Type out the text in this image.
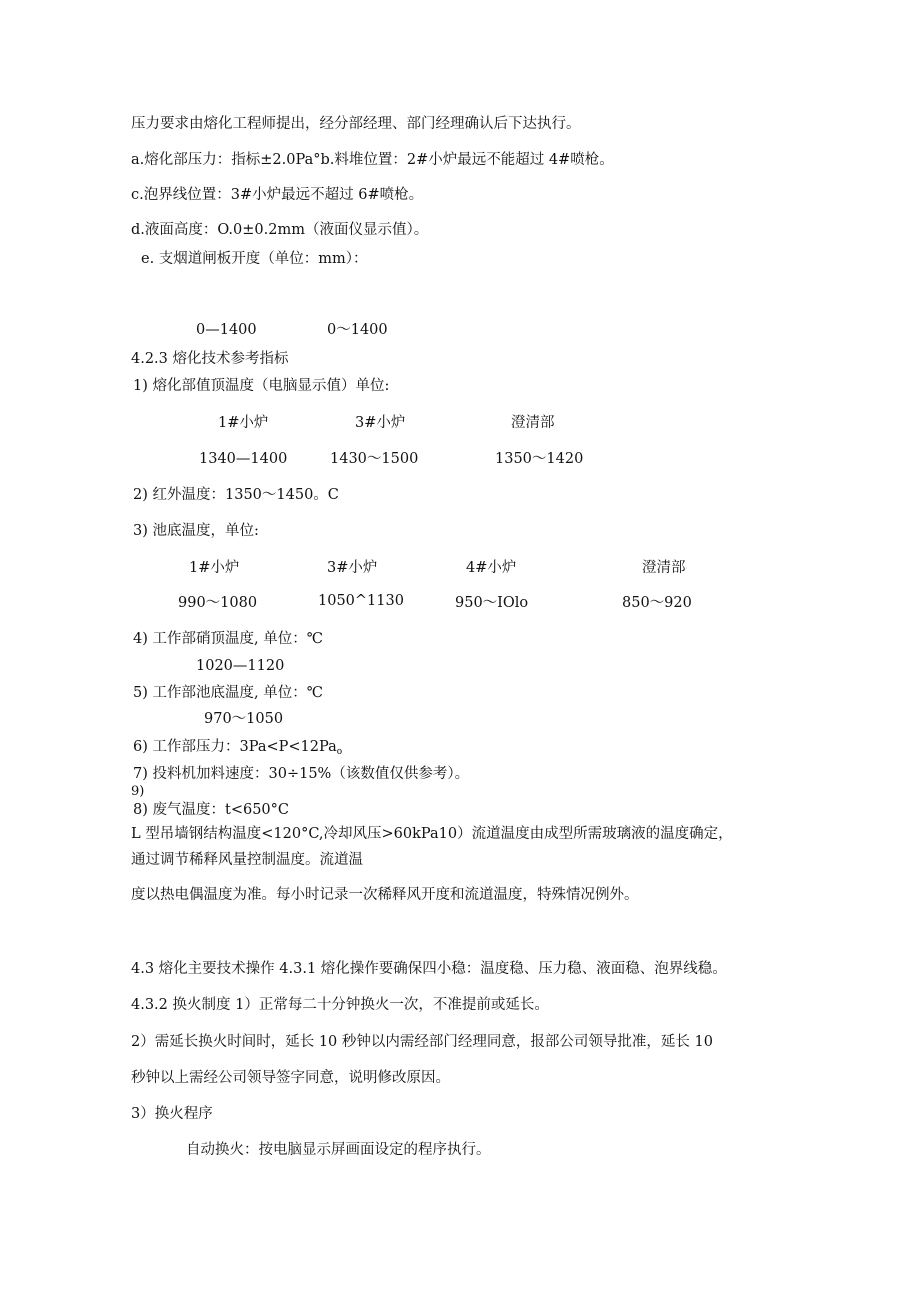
压力要求由熔化工程师提出，经分部经理、部门经理确认后下达执行。
a.熔化部压力：指标±2.0Pa°b.料堆位置：2#小炉最远不能超过 4#喷枪。
c.泡界线位置：3#小炉最远不超过 6#喷枪。
d.液面高度：O.0±0.2mm（液面仪显示值）。
e. 支烟道闸板开度（单位：mm）：
0—1400	0～1400
4.2.3 熔化技术参考指标
1) 熔化部值顶温度（电脑显示值）单位:
1#小炉	3#小炉	澄清部
1340—1400	1430～1500	1350～1420
2) 红外温度：1350～1450。C
3) 池底温度，单位:
1#小炉	3#小炉	4#小炉	澄清部
990～1080	1050^1130	950～IOlo	850～920
4) 工作部硝顶温度, 单位：℃
1020—1120
5) 工作部池底温度, 单位：℃
970～1050
6) 工作部压力：$3Pa<P<12Pa_o$
7) 投料机加料速度：30÷15%（该数值仅供参考）。
9)
8) 废气温度：t<650°C
L 型吊墙钢结构温度<120°C,冷却风压>60kPa10）流道温度由成型所需玻璃液的温度确定，
通过调节稀释风量控制温度。流道温
度以热电偶温度为准。每小时记录一次稀释风开度和流道温度，特殊情况例外。
4.3 熔化主要技术操作 4.3.1 熔化操作要确保四小稳：温度稳、压力稳、液面稳、泡界线稳。
4.3.2 换火制度 1）正常每二十分钟换火一次，不准提前或延长。
2）需延长换火时间时，延长 10 秒钟以内需经部门经理同意，报部公司领导批准，延长 10
秒钟以上需经公司领导签字同意，说明修改原因。
3）换火程序
自动换火：按电脑显示屏画面设定的程序执行。
